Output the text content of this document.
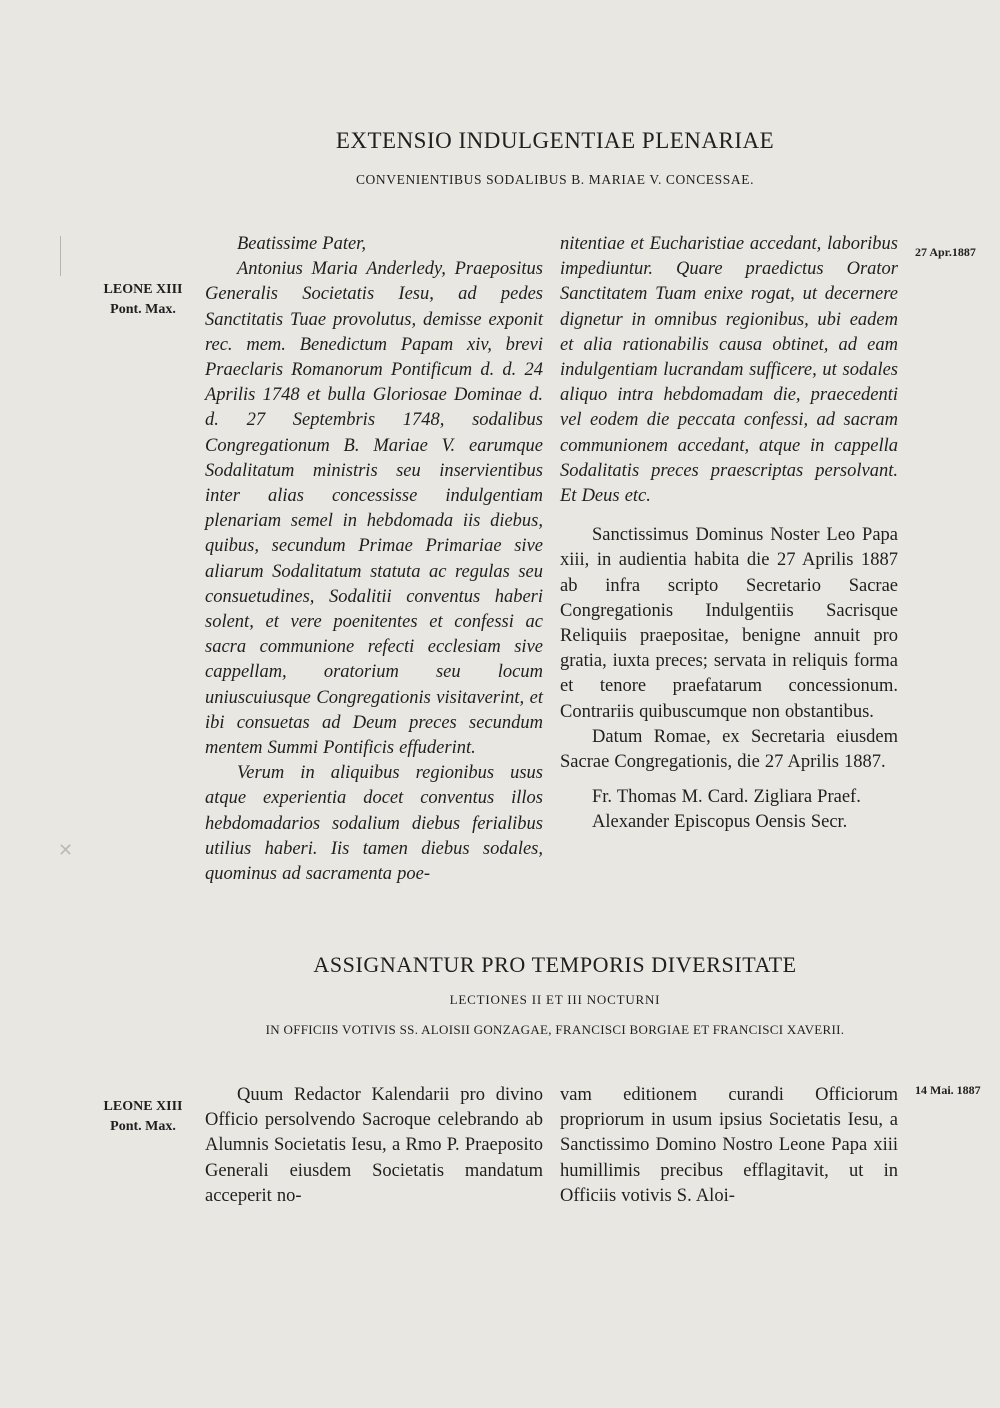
✕
EXTENSIO INDULGENTIAE PLENARIAE
CONVENIENTIBUS SODALIBUS B. MARIAE V. CONCESSAE.
LEONE XIII
Pont. Max.
27 Apr.1887

Beatissime Pater,

Antonius Maria Anderledy, Praepositus Generalis Societatis Iesu, ad pedes Sanctitatis Tuae provolutus, demisse exponit rec. mem. Benedictum Papam xiv, brevi Praeclaris Romanorum Pontificum d. d. 24 Aprilis 1748 et bulla Gloriosae Dominae d. d. 27 Septembris 1748, sodalibus Congregationum B. Mariae V. earumque Sodalitatum ministris seu inservientibus inter alias concessisse indulgentiam plenariam semel in hebdomada iis diebus, quibus, secundum Primae Primariae sive aliarum Sodalitatum statuta ac regulas seu consuetudines, Sodalitii conventus haberi solent, et vere poenitentes et confessi ac sacra communione refecti ecclesiam sive cappellam, oratorium seu locum uniuscuiusque Congregationis visitaverint, et ibi consuetas ad Deum preces secundum mentem Summi Pontificis effuderint.

Verum in aliquibus regionibus usus atque experientia docet conventus illos hebdomadarios sodalium diebus ferialibus utilius haberi. Iis tamen diebus sodales, quominus ad sacramenta poe-

nitentiae et Eucharistiae accedant, laboribus impediuntur. Quare praedictus Orator Sanctitatem Tuam enixe rogat, ut decernere dignetur in omnibus regionibus, ubi eadem et alia rationabilis causa obtinet, ad eam indulgentiam lucrandam sufficere, ut sodales aliquo intra hebdomadam die, praecedenti vel eodem die peccata confessi, ad sacram communionem accedant, atque in cappella Sodalitatis preces praescriptas persolvant. Et Deus etc.

Sanctissimus Dominus Noster Leo Papa xiii, in audientia habita die 27 Aprilis 1887 ab infra scripto Secretario Sacrae Congregationis Indulgentiis Sacrisque Reliquiis praepositae, benigne annuit pro gratia, iuxta preces; servata in reliquis forma et tenore praefatarum concessionum. Contrariis quibuscumque non obstantibus.

Datum Romae, ex Secretaria eiusdem Sacrae Congregationis, die 27 Aprilis 1887.

Fr. Thomas M. Card. Zigliara Praef.

Alexander Episcopus Oensis Secr.

ASSIGNANTUR PRO TEMPORIS DIVERSITATE
LECTIONES II ET III NOCTURNI
IN OFFICIIS VOTIVIS SS. ALOISII GONZAGAE, FRANCISCI BORGIAE ET FRANCISCI XAVERII.
LEONE XIII
Pont. Max.
14 Mai. 1887

Quum Redactor Kalendarii pro divino Officio persolvendo Sacroque celebrando ab Alumnis Societatis Iesu, a Rmo P. Praeposito Generali eiusdem Societatis mandatum acceperit no-

vam editionem curandi Officiorum propriorum in usum ipsius Societatis Iesu, a Sanctissimo Domino Nostro Leone Papa xiii humillimis precibus efflagitavit, ut in Officiis votivis S. Aloi-
